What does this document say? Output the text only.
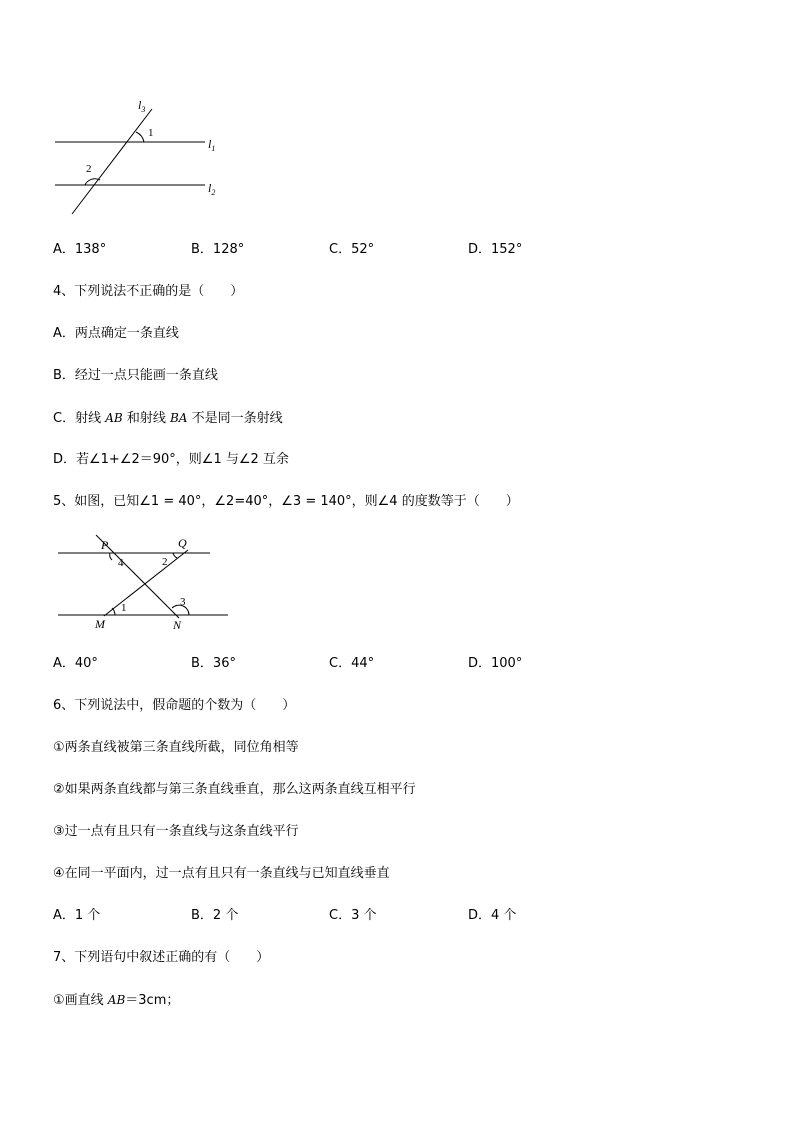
$l_3$
1
$l_1$
2
$l_2$
A．138°	B．128°	C．52°	D．152°
4、下列说法不正确的是（　　）
A．两点确定一条直线
B．经过一点只能画一条直线
C．射线 AB 和射线 BA 不是同一条射线
D．若∠1+∠2＝90°，则∠1 与∠2 互余
5、如图，已知∠1 = 40°，∠2=40°，∠3 = 140°，则∠4 的度数等于（　　）
P	Q
4	2
3
1
M	N
A．40°	B．36°	C．44°	D．100°
6、下列说法中，假命题的个数为（　　）
①两条直线被第三条直线所截，同位角相等
②如果两条直线都与第三条直线垂直，那么这两条直线互相平行
③过一点有且只有一条直线与这条直线平行
④在同一平面内，过一点有且只有一条直线与已知直线垂直
A．1 个	B．2 个	C．3 个	D．4 个
7、下列语句中叙述正确的有（　　）
①画直线 AB＝3cm；
